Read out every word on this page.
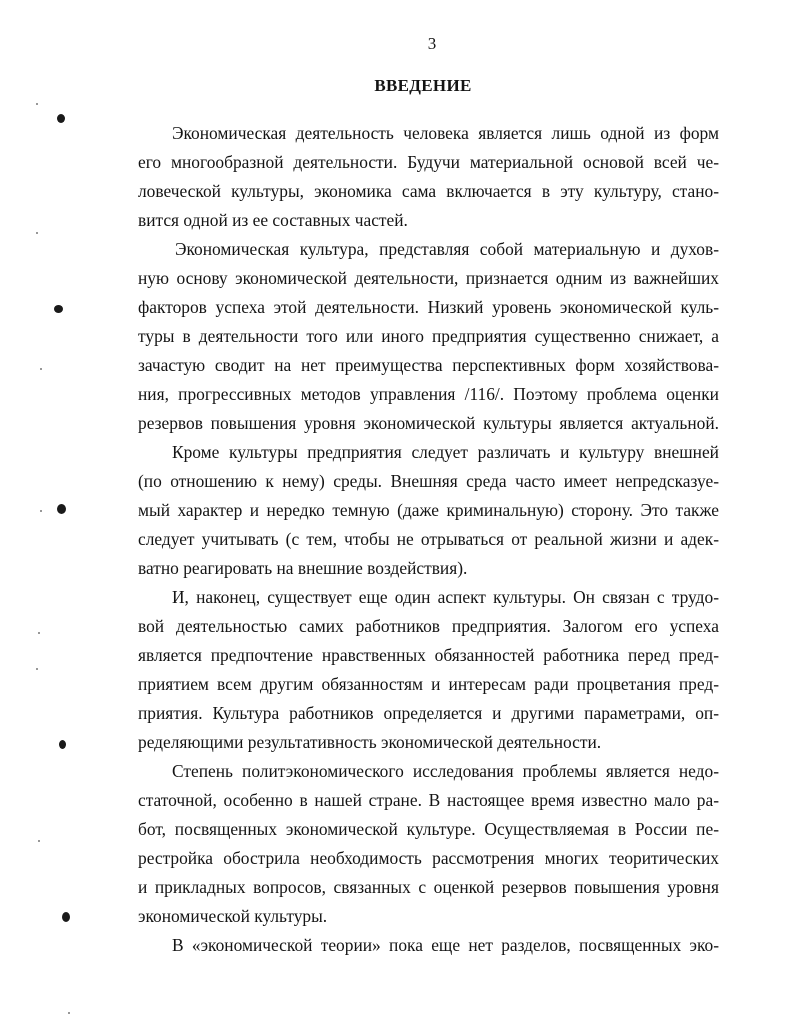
3
ВВЕДЕНИЕ
Экономическая деятельность человека является лишь одной из форм
его многообразной деятельности. Будучи материальной основой всей че-
ловеческой культуры, экономика сама включается в эту культуру, стано-
вится одной из ее составных частей.
Экономическая культура, представляя собой материальную и духов-
ную основу экономической деятельности, признается одним из важнейших
факторов успеха этой деятельности. Низкий уровень экономической куль-
туры в деятельности того или иного предприятия существенно снижает, а
зачастую сводит на нет преимущества перспективных форм хозяйствова-
ния, прогрессивных методов управления /116/. Поэтому проблема оценки
резервов повышения уровня экономической культуры является актуальной.
Кроме культуры предприятия следует различать и культуру внешней
(по отношению к нему) среды. Внешняя среда часто имеет непредсказуе-
мый характер и нередко темную (даже криминальную) сторону. Это также
следует учитывать (с тем, чтобы не отрываться от реальной жизни и адек-
ватно реагировать на внешние воздействия).
И, наконец, существует еще один аспект культуры. Он связан с трудо-
вой деятельностью самих работников предприятия. Залогом его успеха
является предпочтение нравственных обязанностей работника перед пред-
приятием всем другим обязанностям и интересам ради процветания пред-
приятия. Культура работников определяется и другими параметрами, оп-
ределяющими результативность экономической деятельности.
Степень политэкономического исследования проблемы является недо-
статочной, особенно в нашей стране. В настоящее время известно мало ра-
бот, посвященных экономической культуре. Осуществляемая в России пе-
рестройка обострила необходимость рассмотрения многих теоритических
и прикладных вопросов, связанных с оценкой резервов повышения уровня
экономической культуры.
В «экономической теории» пока еще нет разделов, посвященных эко-
